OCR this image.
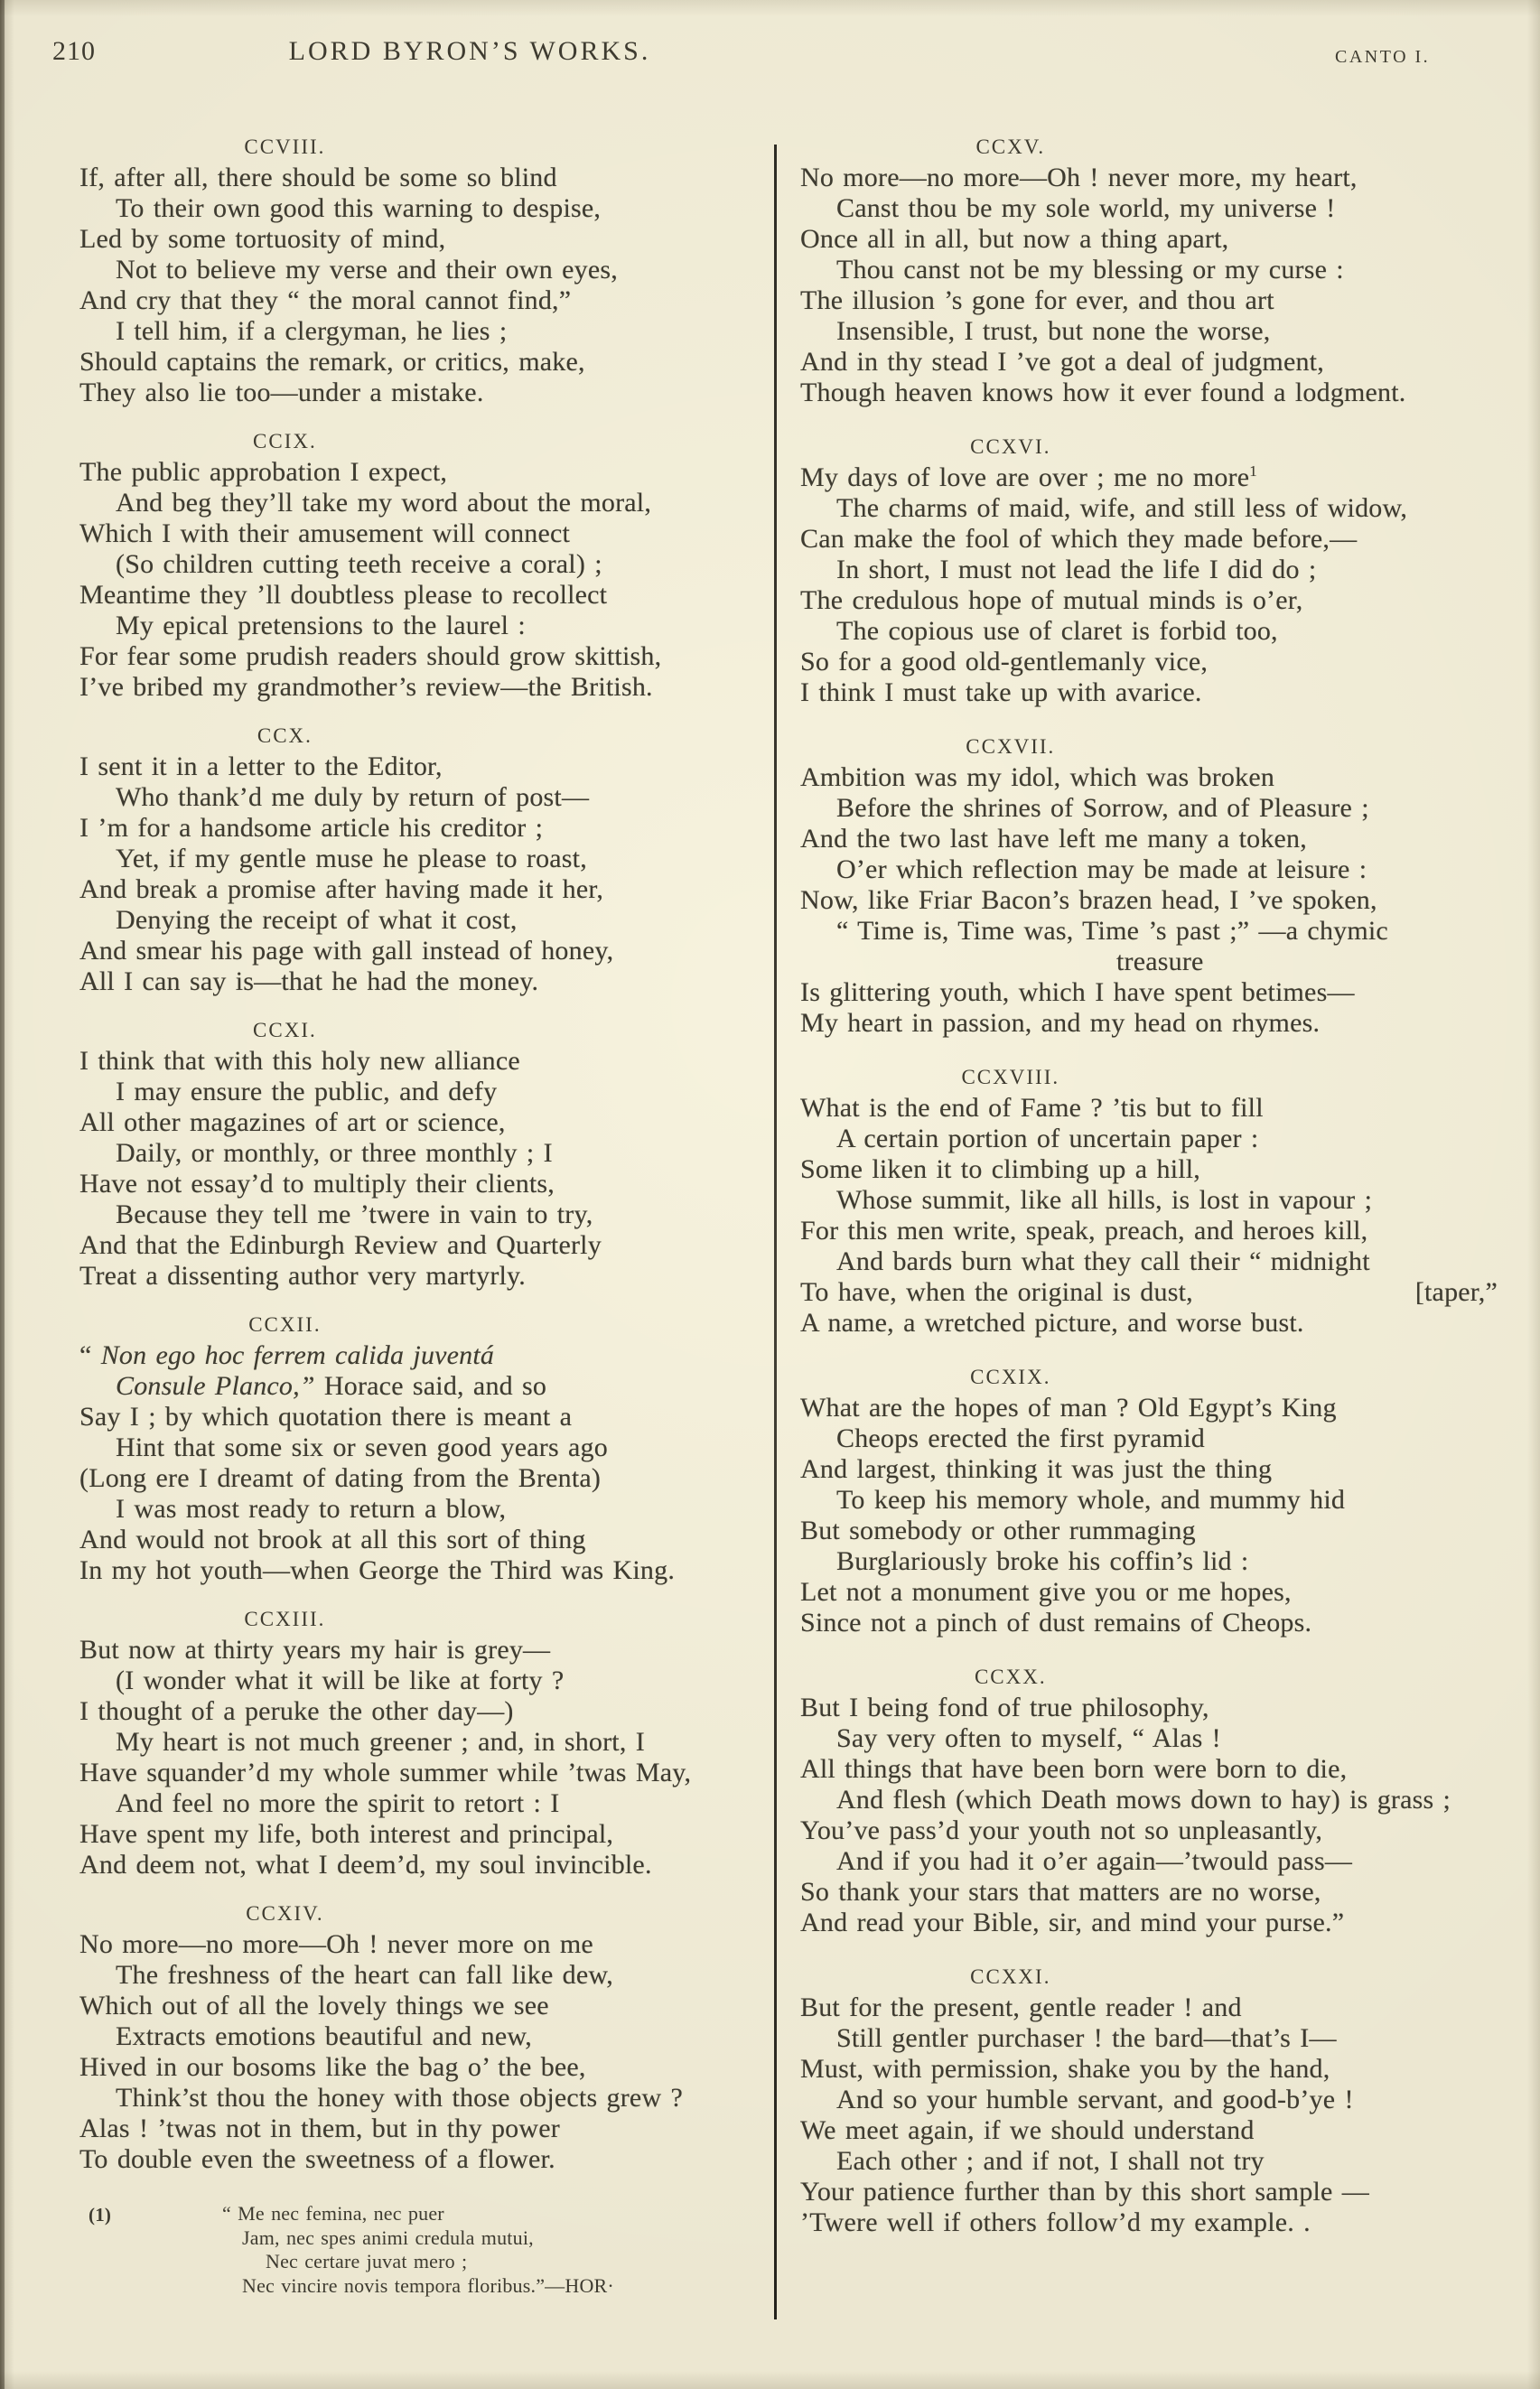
210	LORD BYRON’S WORKS.	CANTO I.
CCVIII.
If, after all, there should be some so blind
To their own good this warning to despise,
Led by some tortuosity of mind,
Not to believe my verse and their own eyes,
And cry that they “ the moral cannot find,”
I tell him, if a clergyman, he lies ;
Should captains the remark, or critics, make,
They also lie too—under a mistake.
CCIX.
The public approbation I expect,
And beg they’ll take my word about the moral,
Which I with their amusement will connect
(So children cutting teeth receive a coral) ;
Meantime they ’ll doubtless please to recollect
My epical pretensions to the laurel :
For fear some prudish readers should grow skittish,
I’ve bribed my grandmother’s review—the British.
CCX.
I sent it in a letter to the Editor,
Who thank’d me duly by return of post—
I ’m for a handsome article his creditor ;
Yet, if my gentle muse he please to roast,
And break a promise after having made it her,
Denying the receipt of what it cost,
And smear his page with gall instead of honey,
All I can say is—that he had the money.
CCXI.
I think that with this holy new alliance
I may ensure the public, and defy
All other magazines of art or science,
Daily, or monthly, or three monthly ; I
Have not essay’d to multiply their clients,
Because they tell me ’twere in vain to try,
And that the Edinburgh Review and Quarterly
Treat a dissenting author very martyrly.
CCXII.
“ Non ego hoc ferrem calida juventá
Consule Planco,” Horace said, and so
Say I ; by which quotation there is meant a
Hint that some six or seven good years ago
(Long ere I dreamt of dating from the Brenta)
I was most ready to return a blow,
And would not brook at all this sort of thing
In my hot youth—when George the Third was King.
CCXIII.
But now at thirty years my hair is grey—
(I wonder what it will be like at forty ?
I thought of a peruke the other day—)
My heart is not much greener ; and, in short, I
Have squander’d my whole summer while ’twas May,
And feel no more the spirit to retort : I
Have spent my life, both interest and principal,
And deem not, what I deem’d, my soul invincible.
CCXIV.
No more—no more—Oh ! never more on me
The freshness of the heart can fall like dew,
Which out of all the lovely things we see
Extracts emotions beautiful and new,
Hived in our bosoms like the bag o’ the bee,
Think’st thou the honey with those objects grew ?
Alas ! ’twas not in them, but in thy power
To double even the sweetness of a flower.
CCXV.
No more—no more—Oh ! never more, my heart,
Canst thou be my sole world, my universe !
Once all in all, but now a thing apart,
Thou canst not be my blessing or my curse :
The illusion ’s gone for ever, and thou art
Insensible, I trust, but none the worse,
And in thy stead I ’ve got a deal of judgment,
Though heaven knows how it ever found a lodgment.
CCXVI.
My days of love are over ; me no more$^1$
The charms of maid, wife, and still less of widow,
Can make the fool of which they made before,—
In short, I must not lead the life I did do ;
The credulous hope of mutual minds is o’er,
The copious use of claret is forbid too,
So for a good old-gentlemanly vice,
I think I must take up with avarice.
CCXVII.
Ambition was my idol, which was broken
Before the shrines of Sorrow, and of Pleasure ;
And the two last have left me many a token,
O’er which reflection may be made at leisure :
Now, like Friar Bacon’s brazen head, I ’ve spoken,
“ Time is, Time was, Time ’s past ;” —a chymic
treasure
Is glittering youth, which I have spent betimes—
My heart in passion, and my head on rhymes.
CCXVIII.
What is the end of Fame ? ’tis but to fill
A certain portion of uncertain paper :
Some liken it to climbing up a hill,
Whose summit, like all hills, is lost in vapour ;
For this men write, speak, preach, and heroes kill,
And bards burn what they call their “ midnight
To have, when the original is dust,	[taper,”
A name, a wretched picture, and worse bust.
CCXIX.
What are the hopes of man ? Old Egypt’s King
Cheops erected the first pyramid
And largest, thinking it was just the thing
To keep his memory whole, and mummy hid
But somebody or other rummaging
Burglariously broke his coffin’s lid :
Let not a monument give you or me hopes,
Since not a pinch of dust remains of Cheops.
CCXX.
But I being fond of true philosophy,
Say very often to myself, “ Alas !
All things that have been born were born to die,
And flesh (which Death mows down to hay) is grass ;
You’ve pass’d your youth not so unpleasantly,
And if you had it o’er again—’twould pass—
So thank your stars that matters are no worse,
And read your Bible, sir, and mind your purse.”
CCXXI.
But for the present, gentle reader ! and
Still gentler purchaser ! the bard—that’s I—
Must, with permission, shake you by the hand,
And so your humble servant, and good-b’ye !
We meet again, if we should understand
Each other ; and if not, I shall not try
Your patience further than by this short sample —
’Twere well if others follow’d my example. .
(1)	“ Me nec femina, nec puer
Jam, nec spes animi credula mutui,
Nec certare juvat mero ;
Nec vincire novis tempora floribus.”—HOR·
